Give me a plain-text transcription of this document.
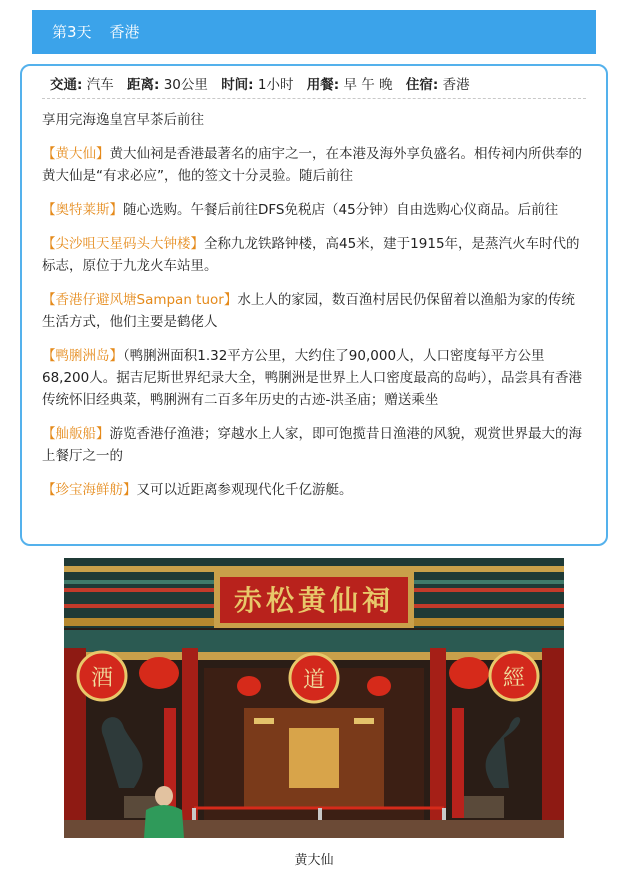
第3天 香港
交通: 汽车 距离: 30公里 时间: 1小时 用餐: 早 午 晚 住宿: 香港

享用完海逸皇宫早茶后前往

【黄大仙】黄大仙祠是香港最著名的庙宇之一，在本港及海外享负盛名。相传祠内所供奉的黄大仙是“有求必应”，他的签文十分灵验。随后前往

【奥特莱斯】随心选购。午餐后前往DFS免税店（45分钟）自由选购心仪商品。后前往

【尖沙咀天星码头大钟楼】全称九龙铁路钟楼，高45米，建于1915年，是蒸汽火车时代的标志，原位于九龙火车站里。

【香港仔避风塘Sampan tuor】水上人的家园，数百渔村居民仍保留着以渔船为家的传统生活方式，他们主要是鹤佬人

【鸭脷洲岛】（鸭脷洲面积1.32平方公里，大约住了90,000人，人口密度每平方公里68,200人。据吉尼斯世界纪录大全，鸭脷洲是世界上人口密度最高的岛屿），品尝具有香港传统怀旧经典菜，鸭脷洲有二百多年历史的古迹-洪圣庙；赠送乘坐

【舢舨船】游览香港仔渔港；穿越水上人家，即可饱揽昔日渔港的风貌，观赏世界最大的海上餐厅之一的

【珍宝海鲜舫】又可以近距离参观现代化千亿游艇。

赤松黄仙祠
酒	道	經
黄大仙
